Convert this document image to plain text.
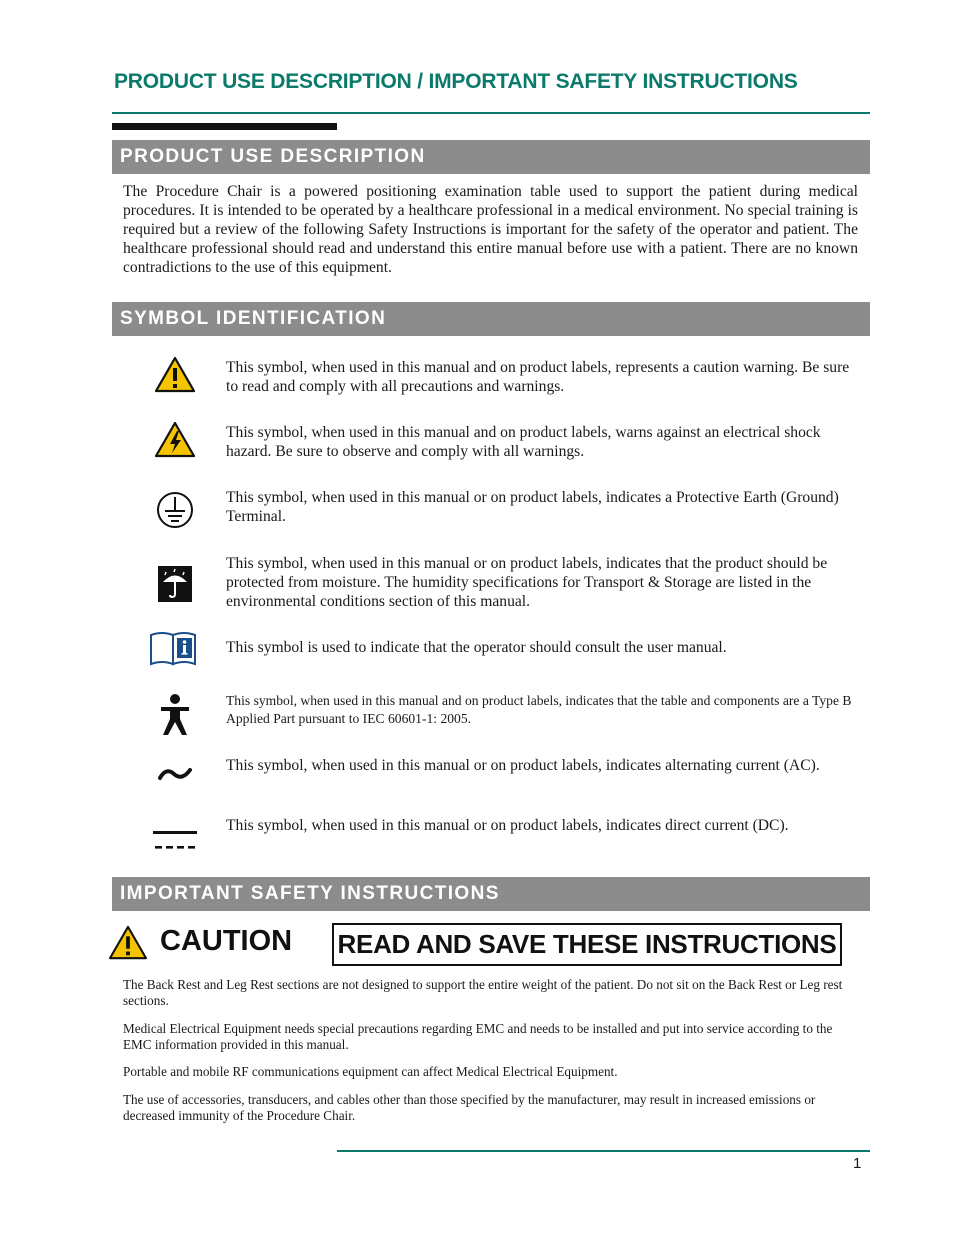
PRODUCT USE DESCRIPTION / IMPORTANT SAFETY INSTRUCTIONS
PRODUCT USE DESCRIPTION

The Procedure Chair is a powered positioning examination table used to support the patient during medical procedures. It is intended to be operated by a healthcare professional in a medical environment. No special training is required but a review of the following Safety Instructions is important for the safety of the operator and patient. The healthcare professional should read and understand this entire manual before use with a patient. There are no known contradictions to the use of this equipment.

SYMBOL IDENTIFICATION

This symbol, when used in this manual and on product labels, represents a caution warning. Be sure to read and comply with all precautions and warnings.

This symbol, when used in this manual and on product labels, warns against an electrical shock hazard. Be sure to observe and comply with all warnings.

This symbol, when used in this manual or on product labels, indicates a Protective Earth (Ground) Terminal.

This symbol, when used in this manual or on product labels, indicates that the product should be protected from moisture. The humidity specifications for Transport & Storage are listed in the environmental conditions section of this manual.

This symbol is used to indicate that the operator should consult the user manual.

This symbol, when used in this manual and on product labels, indicates that the table and components are a Type B Applied Part pursuant to IEC 60601-1: 2005.

This symbol, when used in this manual or on product labels, indicates alternating current (AC).

This symbol, when used in this manual or on product labels, indicates direct current (DC).

IMPORTANT SAFETY INSTRUCTIONS
CAUTION READ AND SAVE THESE INSTRUCTIONS

The Back Rest and Leg Rest sections are not designed to support the entire weight of the patient. Do not sit on the Back Rest or Leg rest sections.

Medical Electrical Equipment needs special precautions regarding EMC and needs to be installed and put into service according to the EMC information provided in this manual.

Portable and mobile RF communications equipment can affect Medical Electrical Equipment.

The use of accessories, transducers, and cables other than those specified by the manufacturer, may result in increased emissions or decreased immunity of the Procedure Chair.

1
